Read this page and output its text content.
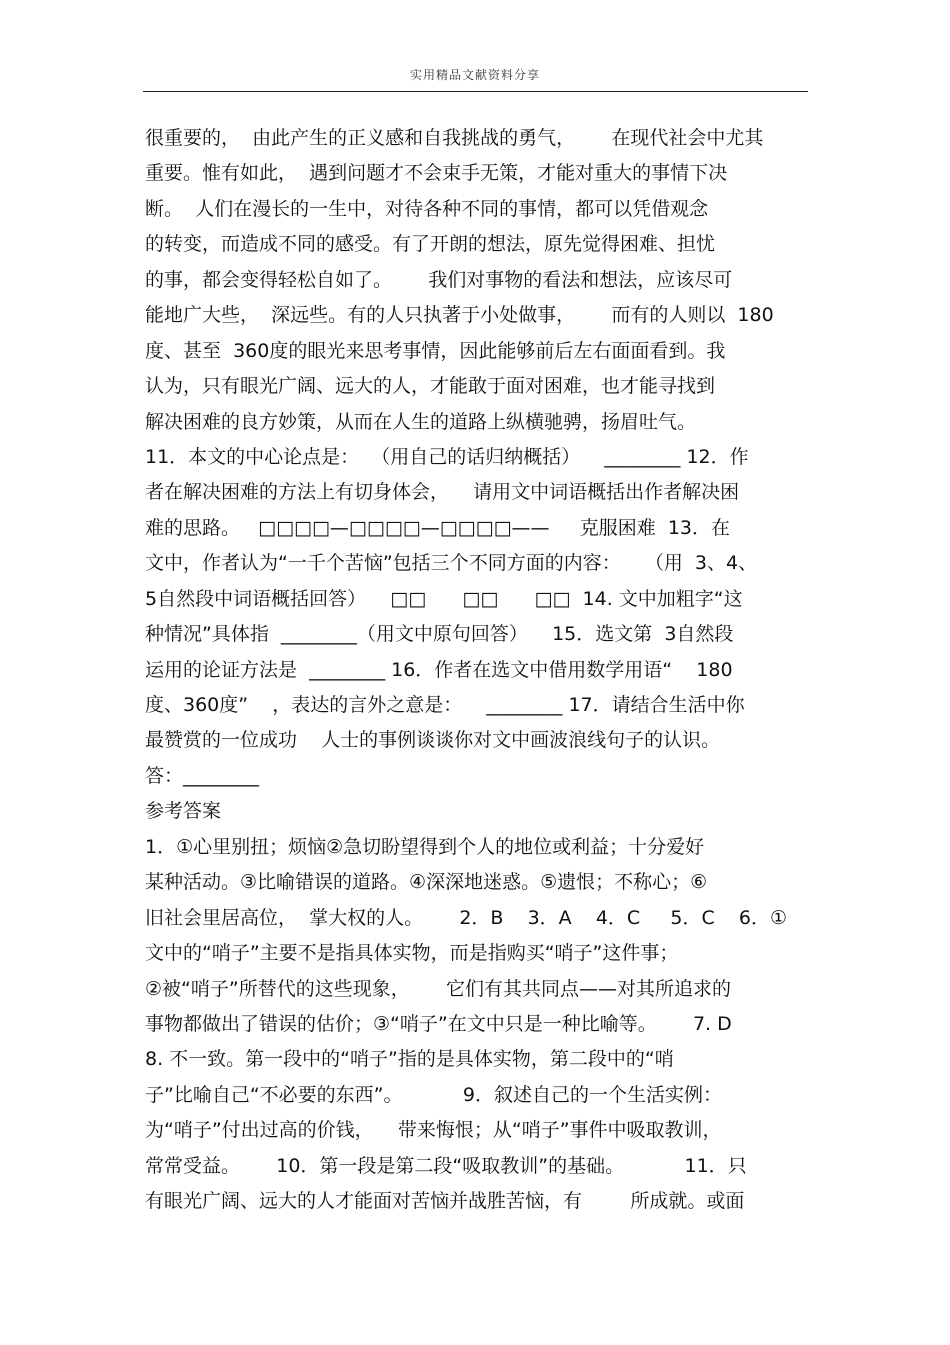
实用精品文献资料分享
很重要的，  由此产生的正义感和自我挑战的勇气，      在现代社会中尤其
重要。惟有如此，  遇到问题才不会束手无策，才能对重大的事情下决
断。  人们在漫长的一生中，对待各种不同的事情，都可以凭借观念
的转变，而造成不同的感受。有了开朗的想法，原先觉得困难、担忧
的事，都会变得轻松自如了。      我们对事物的看法和想法，应该尽可
能地广大些，  深远些。有的人只执著于小处做事，      而有的人则以  180
度、甚至  360度的眼光来思考事情，因此能够前后左右面面看到。我
认为，只有眼光广阔、远大的人，才能敢于面对困难，也才能寻找到
解决困难的良方妙策，从而在人生的道路上纵横驰骋，扬眉吐气。
11．本文的中心论点是：  （用自己的话归纳概括）    ________ 12．作
者在解决困难的方法上有切身体会，    请用文中词语概括出作者解决困
难的思路。   □□□□—□□□□—□□□□——     克服困难  13．在
文中，作者认为“一千个苦恼”包括三个不同方面的内容：    （用  3、4、
5自然段中词语概括回答）    □□      □□      □□  14. 文中加粗字“这
种情况”具体指  ________（用文中原句回答）    15．选文第  3自然段
运用的论证方法是  ________ 16．作者在选文中借用数学用语“    180
度、360度”    ，表达的言外之意是：    ________ 17．请结合生活中你
最赞赏的一位成功    人士的事例谈谈你对文中画波浪线句子的认识。
答：________
参考答案
1．①心里别扭；烦恼②急切盼望得到个人的地位或利益；十分爱好
某种活动。③比喻错误的道路。④深深地迷惑。⑤遗恨；不称心；⑥
旧社会里居高位，  掌大权的人。      2．B    3．A    4．C     5．C    6．①
文中的“哨子”主要不是指具体实物，而是指购买“哨子”这件事；
②被“哨子”所替代的这些现象，      它们有其共同点——对其所追求的
事物都做出了错误的估价；③“哨子”在文中只是一种比喻等。      7. D
8. 不一致。第一段中的“哨子”指的是具体实物，第二段中的“哨
子”比喻自己“不必要的东西”。          9．叙述自己的一个生活实例：
为“哨子”付出过高的价钱，    带来悔恨；从“哨子”事件中吸取教训，
常常受益。      10．第一段是第二段“吸取教训”的基础。          11．只
有眼光广阔、远大的人才能面对苦恼并战胜苦恼，有        所成就。或面
